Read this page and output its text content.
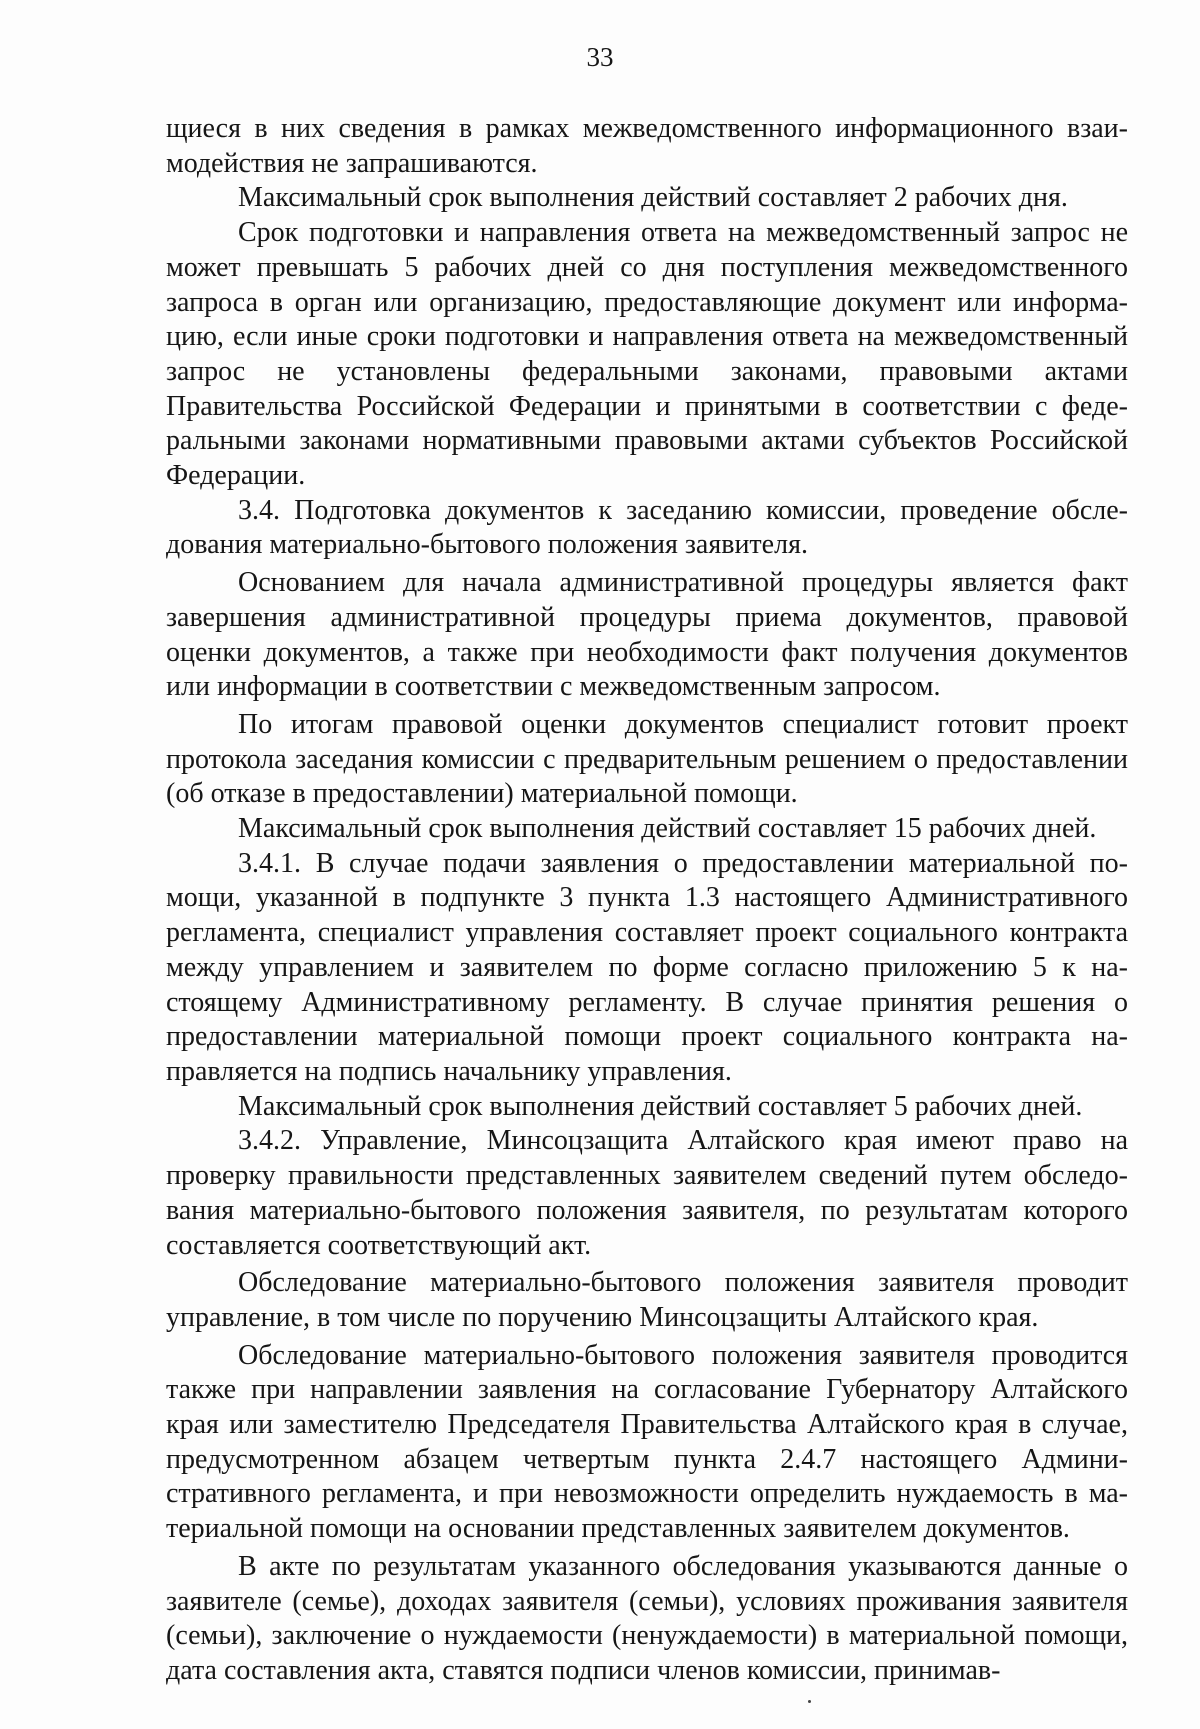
33

щиеся в них сведения в рамках межведомственного информационного взаимодействия не запрашиваются.

Максимальный срок выполнения действий составляет 2 рабочих дня.

Срок подготовки и направления ответа на межведомственный запрос не может превышать 5 рабочих дней со дня поступления межведомственного запроса в орган или организацию, предоставляющие документ или информацию, если иные сроки подготовки и направления ответа на межведомственный запрос не установлены федеральными законами, правовыми актами Правительства Российской Федерации и принятыми в соответствии с федеральными законами нормативными правовыми актами субъектов Российской Федерации.

3.4. Подготовка документов к заседанию комиссии, проведение обследования материально-бытового положения заявителя.

Основанием для начала административной процедуры является факт завершения административной процедуры приема документов, правовой оценки документов, а также при необходимости факт получения документов или информации в соответствии с межведомственным запросом.

По итогам правовой оценки документов специалист готовит проект протокола заседания комиссии с предварительным решением о предоставлении (об отказе в предоставлении) материальной помощи.

Максимальный срок выполнения действий составляет 15 рабочих дней.

3.4.1. В случае подачи заявления о предоставлении материальной помощи, указанной в подпункте 3 пункта 1.3 настоящего Административного регламента, специалист управления составляет проект социального контракта между управлением и заявителем по форме согласно приложению 5 к настоящему Административному регламенту. В случае принятия решения о предоставлении материальной помощи проект социального контракта направляется на подпись начальнику управления.

Максимальный срок выполнения действий составляет 5 рабочих дней.

3.4.2. Управление, Минсоцзащита Алтайского края имеют право на проверку правильности представленных заявителем сведений путем обследования материально-бытового положения заявителя, по результатам которого составляется соответствующий акт.

Обследование материально-бытового положения заявителя проводит управление, в том числе по поручению Минсоцзащиты Алтайского края.

Обследование материально-бытового положения заявителя проводится также при направлении заявления на согласование Губернатору Алтайского края или заместителю Председателя Правительства Алтайского края в случае, предусмотренном абзацем четвертым пункта 2.4.7 настоящего Административного регламента, и при невозможности определить нуждаемость в материальной помощи на основании представленных заявителем документов.

В акте по результатам указанного обследования указываются данные о заявителе (семье), доходах заявителя (семьи), условиях проживания заявителя (семьи), заключение о нуждаемости (ненуждаемости) в материальной помощи, дата составления акта, ставятся подписи членов комиссии, принимав-
